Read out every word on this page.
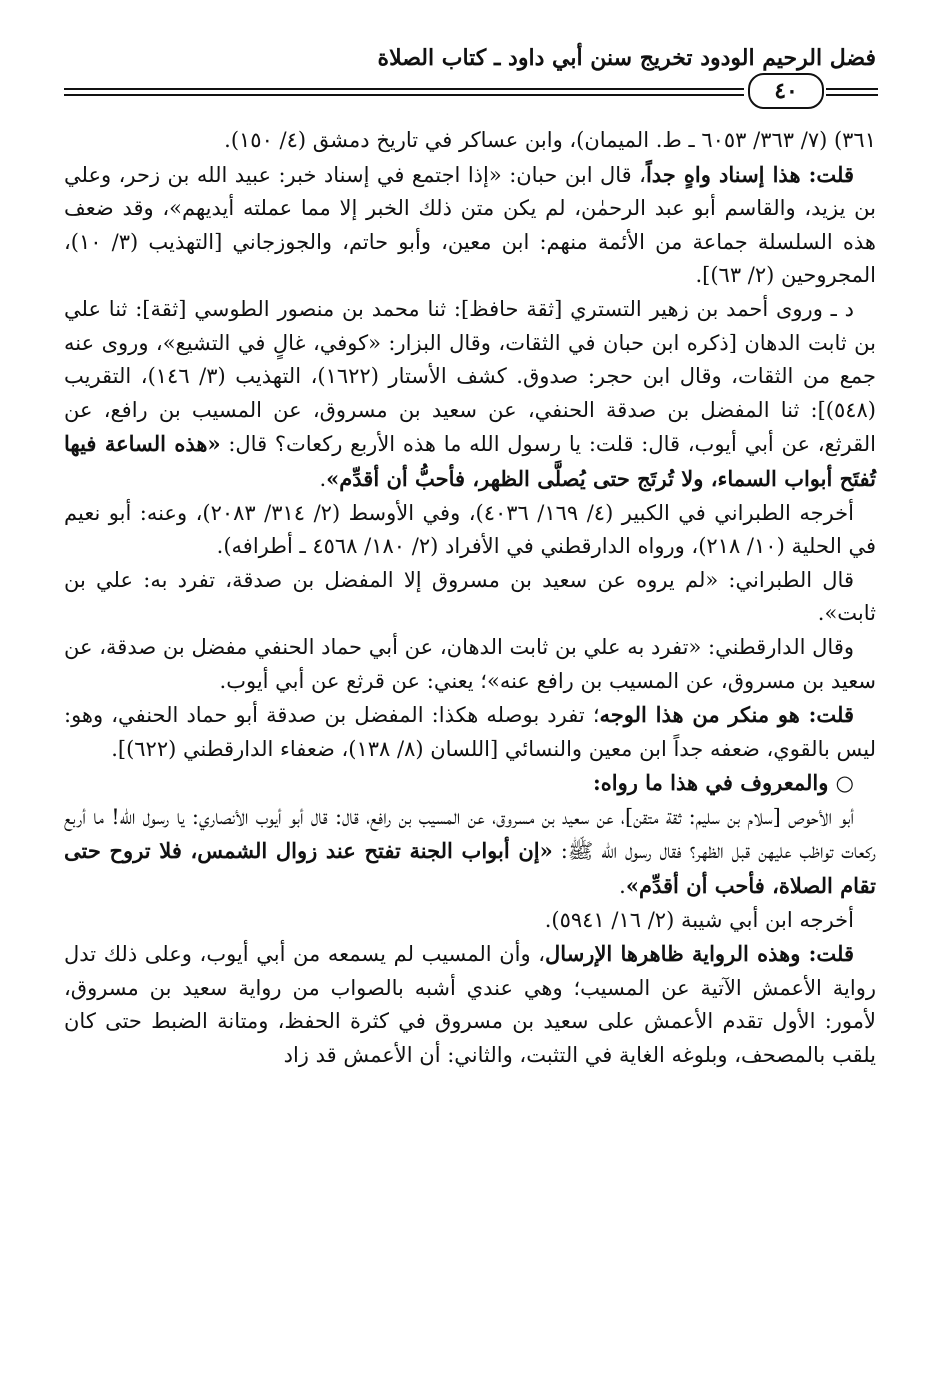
فضل الرحيم الودود تخريج سنن أبي داود ـ كتاب الصلاة
٤٠

٣٦١) (٧/ ٣٦٣/ ٦٠٥٣ ـ ط. الميمان)، وابن عساكر في تاريخ دمشق (٤/ ١٥٠).

قلت: هذا إسناد واهٍ جداً، قال ابن حبان: «إذا اجتمع في إسناد خبر: عبيد الله بن زحر، وعلي بن يزيد، والقاسم أبو عبد الرحمٰن، لم يكن متن ذلك الخبر إلا مما عملته أيديهم»، وقد ضعف هذه السلسلة جماعة من الأئمة منهم: ابن معين، وأبو حاتم، والجوزجاني [التهذيب (٣/ ١٠)، المجروحين (٢/ ٦٣)].

د ـ وروى أحمد بن زهير التستري [ثقة حافظ]: ثنا محمد بن منصور الطوسي [ثقة]: ثنا علي بن ثابت الدهان [ذكره ابن حبان في الثقات، وقال البزار: «كوفي، غالٍ في التشيع»، وروى عنه جمع من الثقات، وقال ابن حجر: صدوق. كشف الأستار (١٦٢٢)، التهذيب (٣/ ١٤٦)، التقريب (٥٤٨)]: ثنا المفضل بن صدقة الحنفي، عن سعيد بن مسروق، عن المسيب بن رافع، عن القرثع، عن أبي أيوب، قال: قلت: يا رسول الله ما هذه الأربع ركعات؟ قال: «هذه الساعة فيها تُفتَح أبواب السماء، ولا تُرتَج حتى يُصلَّى الظهر، فأحبُّ أن أقدِّم».

أخرجه الطبراني في الكبير (٤/ ١٦٩/ ٤٠٣٦)، وفي الأوسط (٢/ ٣١٤/ ٢٠٨٣)، وعنه: أبو نعيم في الحلية (١٠/ ٢١٨)، ورواه الدارقطني في الأفراد (٢/ ١٨٠/ ٤٥٦٨ ـ أطرافه).

قال الطبراني: «لم يروه عن سعيد بن مسروق إلا المفضل بن صدقة، تفرد به: علي بن ثابت».

وقال الدارقطني: «تفرد به علي بن ثابت الدهان، عن أبي حماد الحنفي مفضل بن صدقة، عن سعيد بن مسروق، عن المسيب بن رافع عنه»؛ يعني: عن قرثع عن أبي أيوب.

قلت: هو منكر من هذا الوجه؛ تفرد بوصله هكذا: المفضل بن صدقة أبو حماد الحنفي، وهو: ليس بالقوي، ضعفه جداً ابن معين والنسائي [اللسان (٨/ ١٣٨)، ضعفاء الدارقطني (٦٢٢)].

○ والمعروف في هذا ما رواه:

أبو الأحوص [سلام بن سليم: ثقة متقن]، عن سعيد بن مسروق، عن المسيب بن رافع، قال: قال أبو أيوب الأنصاري: يا رسول الله! ما أربع ركعات تواظب عليهن قبل الظهر؟ فقال رسول الله ﷺ: «إن أبواب الجنة تفتح عند زوال الشمس، فلا تروح حتى تقام الصلاة، فأحب أن أقدِّم».

أخرجه ابن أبي شيبة (٢/ ١٦/ ٥٩٤١).

قلت: وهذه الرواية ظاهرها الإرسال، وأن المسيب لم يسمعه من أبي أيوب، وعلى ذلك تدل رواية الأعمش الآتية عن المسيب؛ وهي عندي أشبه بالصواب من رواية سعيد بن مسروق، لأمور: الأول تقدم الأعمش على سعيد بن مسروق في كثرة الحفظ، ومتانة الضبط حتى كان يلقب بالمصحف، وبلوغه الغاية في التثبت، والثاني: أن الأعمش قد زاد
